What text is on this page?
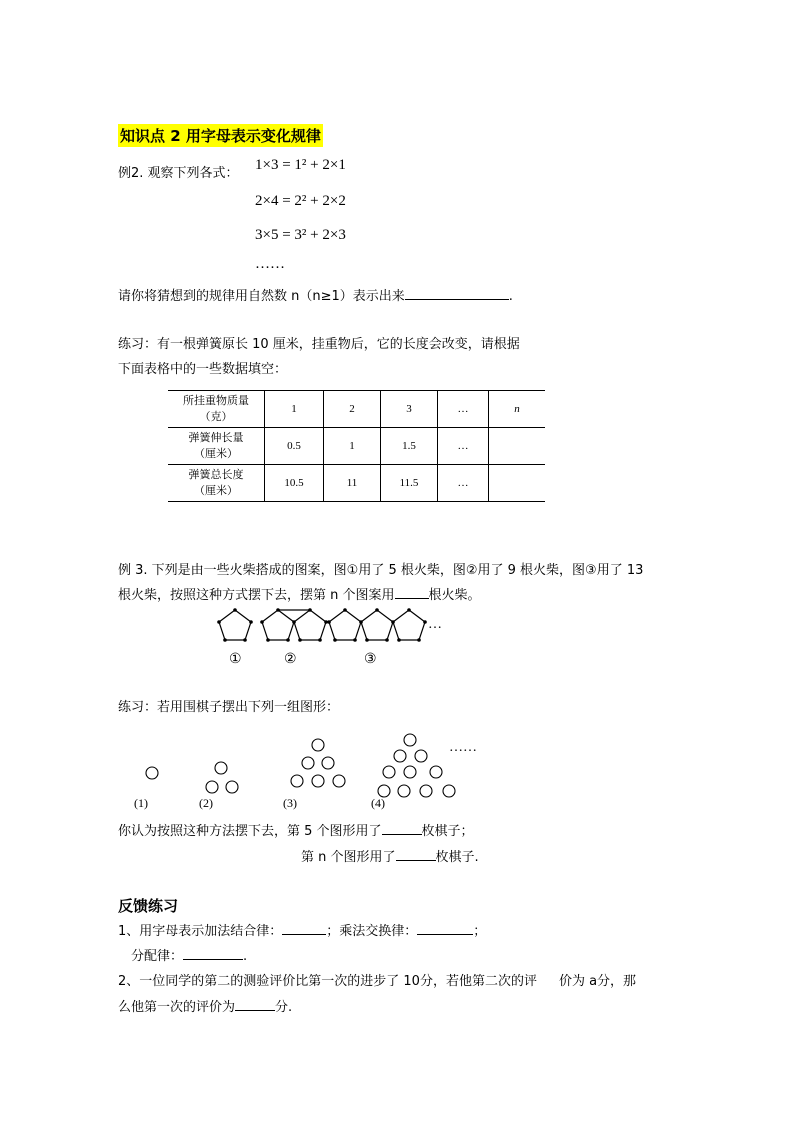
知识点 2 用字母表示变化规律
例2. 观察下列各式：
1×3 = 1² + 2×1
2×4 = 2² + 2×2
3×5 = 3² + 2×3
……
请你将猜想到的规律用自然数 n（n≥1）表示出来	.
练习：有一根弹簧原长 10 厘米，挂重物后，它的长度会改变，请根据
下面表格中的一些数据填空：
所挂重物质量
（克）	1	2	3	…	n

弹簧伸长量
（厘米）	0.5	1	1.5	…	

弹簧总长度
（厘米）	10.5	11	11.5	…	
例 3. 下列是由一些火柴搭成的图案，图①用了 5 根火柴，图②用了 9 根火柴，图③用了 13
根火柴，按照这种方式摆下去，摆第 n 个图案用	根火柴。
…
①	②	③
练习：若用围棋子摆出下列一组图形：
……
(1)	(2)	(3)	(4)
你认为按照这种方法摆下去，第 5 个图形用了	枚棋子；
第 n 个图形用了	枚棋子.
反馈练习
1、用字母表示加法结合律：	；乘法交换律：	；
分配律：	.
2、一位同学的第二的测验评价比第一次的进步了 10分，若他第二次的评 价为 a分，那
么他第一次的评价为	分.
